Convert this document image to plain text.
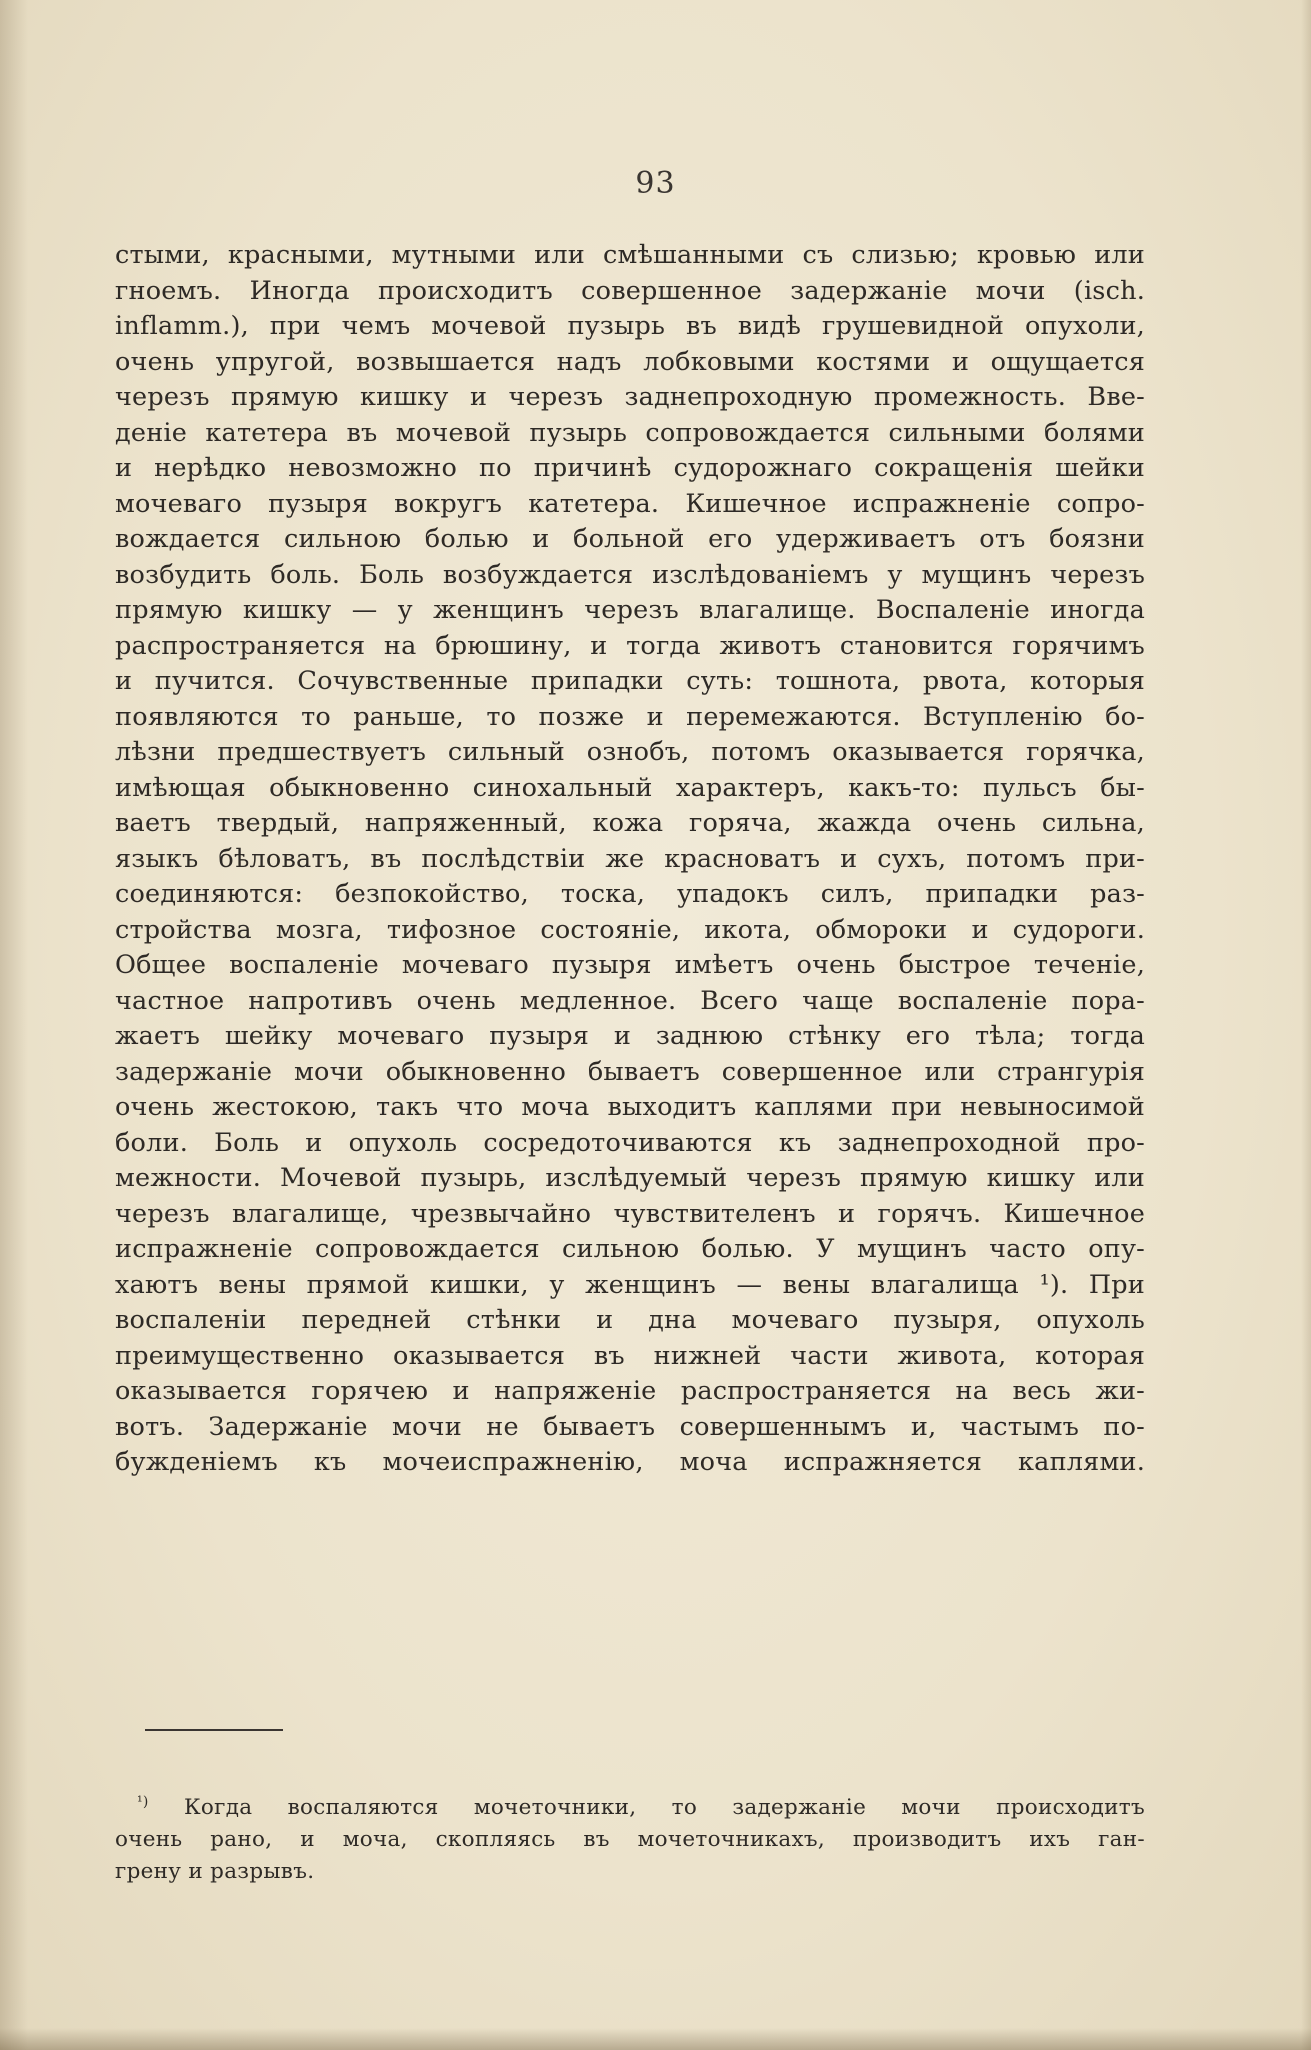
93
стыми, красными, мутными или смѣшанными съ слизью; кровью или
гноемъ. Иногда происходитъ совершенное задержаніе мочи (isch.
inflamm.), при чемъ мочевой пузырь въ видѣ грушевидной опухоли,
очень упругой, возвышается надъ лобковыми костями и ощущается
черезъ прямую кишку и черезъ заднепроходную промежность. Вве-
деніе катетера въ мочевой пузырь сопровождается сильными болями
и нерѣдко невозможно по причинѣ судорожнаго сокращенія шейки
мочеваго пузыря вокругъ катетера. Кишечное испражненіе сопро-
вождается сильною болью и больной его удерживаетъ отъ боязни
возбудить боль. Боль возбуждается изслѣдованіемъ у мущинъ черезъ
прямую кишку — у женщинъ черезъ влагалище. Воспаленіе иногда
распространяется на брюшину, и тогда животъ становится горячимъ
и пучится. Сочувственные припадки суть: тошнота, рвота, которыя
появляются то раньше, то позже и перемежаются. Вступленію бо-
лѣзни предшествуетъ сильный ознобъ, потомъ оказывается горячка,
имѣющая обыкновенно синохальный характеръ, какъ-то: пульсъ бы-
ваетъ твердый, напряженный, кожа горяча, жажда очень сильна,
языкъ бѣловатъ, въ послѣдствіи же красноватъ и сухъ, потомъ при-
соединяются: безпокойство, тоска, упадокъ силъ, припадки раз-
стройства мозга, тифозное состояніе, икота, обмороки и судороги.
Общее воспаленіе мочеваго пузыря имѣетъ очень быстрое теченіе,
частное напротивъ очень медленное. Всего чаще воспаленіе пора-
жаетъ шейку мочеваго пузыря и заднюю стѣнку его тѣла; тогда
задержаніе мочи обыкновенно бываетъ совершенное или странгурія
очень жестокою, такъ что моча выходитъ каплями при невыносимой
боли. Боль и опухоль сосредоточиваются къ заднепроходной про-
межности. Мочевой пузырь, изслѣдуемый черезъ прямую кишку или
черезъ влагалище, чрезвычайно чувствителенъ и горячъ. Кишечное
испражненіе сопровождается сильною болью. У мущинъ часто опу-
хаютъ вены прямой кишки, у женщинъ — вены влагалища ¹). При
воспаленіи передней стѣнки и дна мочеваго пузыря, опухоль
преимущественно оказывается въ нижней части живота, которая
оказывается горячею и напряженіе распространяется на весь жи-
вотъ. Задержаніе мочи не бываетъ совершеннымъ и, частымъ по-
бужденіемъ къ мочеиспражненію, моча испражняется каплями.
$^{^1)}$ Когда воспаляются мочеточники, то задержаніе мочи происходитъ
очень рано, и моча, скопляясь въ мочеточникахъ, производитъ ихъ ган-
грену и разрывъ.
